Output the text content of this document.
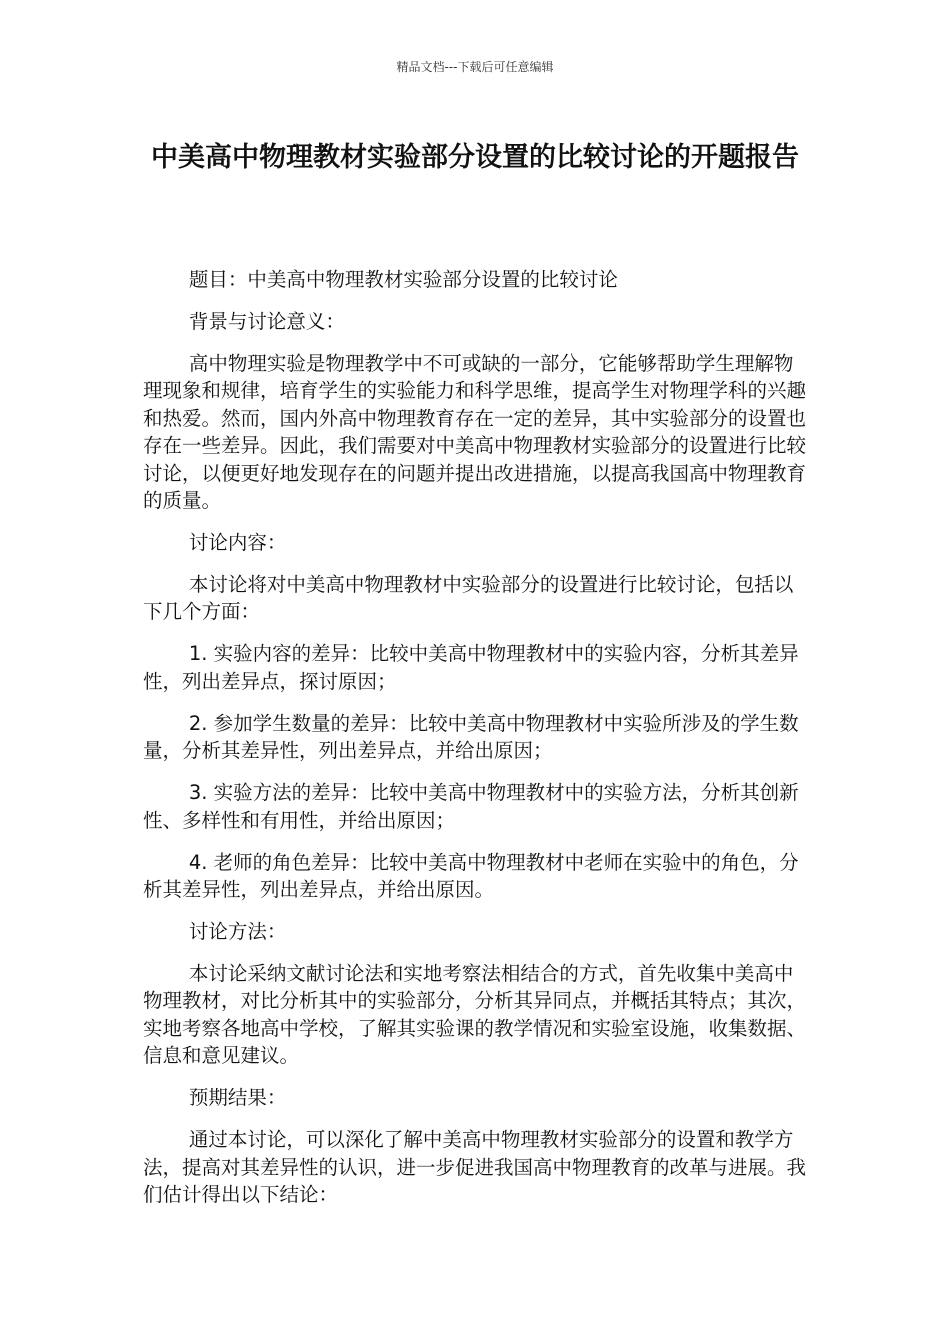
精品文档---下载后可任意编辑
中美高中物理教材实验部分设置的比较讨论的开题报告

题目：中美高中物理教材实验部分设置的比较讨论

背景与讨论意义：

高中物理实验是物理教学中不可或缺的一部分，它能够帮助学生理解物理现象和规律，培育学生的实验能力和科学思维，提高学生对物理学科的兴趣和热爱。然而，国内外高中物理教育存在一定的差异，其中实验部分的设置也存在一些差异。因此，我们需要对中美高中物理教材实验部分的设置进行比较讨论，以便更好地发现存在的问题并提出改进措施，以提高我国高中物理教育的质量。

讨论内容：

本讨论将对中美高中物理教材中实验部分的设置进行比较讨论，包括以下几个方面：

1. 实验内容的差异：比较中美高中物理教材中的实验内容，分析其差异性，列出差异点，探讨原因；

2. 参加学生数量的差异：比较中美高中物理教材中实验所涉及的学生数量，分析其差异性，列出差异点，并给出原因；

3. 实验方法的差异：比较中美高中物理教材中的实验方法，分析其创新性、多样性和有用性，并给出原因；

4. 老师的角色差异：比较中美高中物理教材中老师在实验中的角色，分析其差异性，列出差异点，并给出原因。

讨论方法：

本讨论采纳文献讨论法和实地考察法相结合的方式，首先收集中美高中物理教材，对比分析其中的实验部分，分析其异同点，并概括其特点；其次，实地考察各地高中学校，了解其实验课的教学情况和实验室设施，收集数据、信息和意见建议。

预期结果：

通过本讨论，可以深化了解中美高中物理教材实验部分的设置和教学方法，提高对其差异性的认识，进一步促进我国高中物理教育的改革与进展。我们估计得出以下结论：
